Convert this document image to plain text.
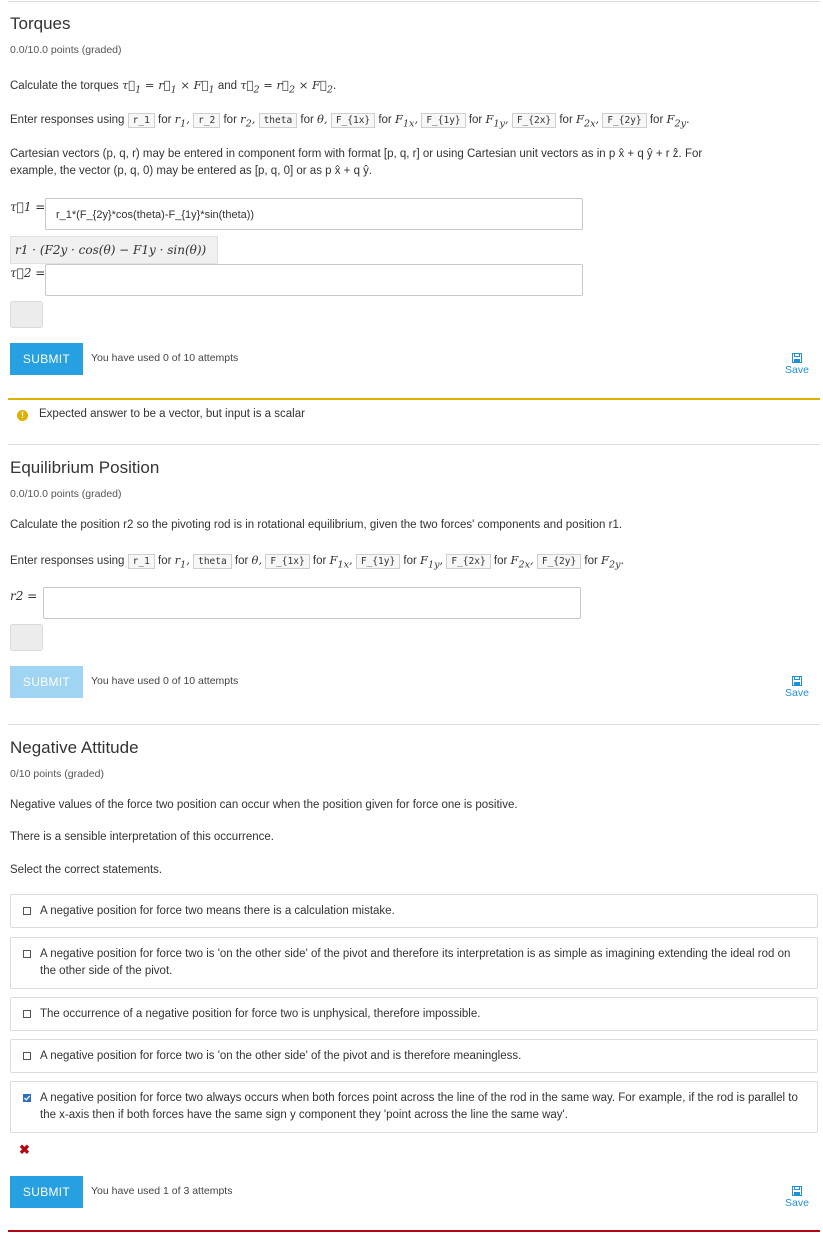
Torques
0.0/10.0 points (graded)
Calculate the torques $\tau⃗_1$ = $r⃗_1$ × $F⃗_1$ and $\tau⃗_2$ = $r⃗_2$ × $F⃗_2$.
Enter responses using r_1 for $r_1$, r_2 for $r_2$, theta for θ, F_{1x} for $F_{1x}$, F_{1y} for $F_{1y}$, F_{2x} for $F_{2x}$, F_{2y} for $F_{2y}$.
Cartesian vectors (p, q, r) may be entered in component form with format [p, q, r] or using Cartesian unit vectors as in p x̂ + q ŷ + r ẑ. For
example, the vector (p, q, 0) may be entered as [p, q, 0] or as p x̂ + q ŷ.
τ⃗1 =
r_1*(F_{2y}*cos(theta)-F_{1y}*sin(theta))
r1 · (F2y · cos(θ) − F1y · sin(θ))
τ⃗2 =
SUBMIT	You have used 0 of 10 attempts
Save
!	Expected answer to be a vector, but input is a scalar
Equilibrium Position
0.0/10.0 points (graded)
Calculate the position r2 so the pivoting rod is in rotational equilibrium, given the two forces' components and position r1.
Enter responses using r_1 for $r_1$, theta for θ, F_{1x} for $F_{1x}$, F_{1y} for $F_{1y}$, F_{2x} for $F_{2x}$, F_{2y} for $F_{2y}$.
r2 =
SUBMIT	You have used 0 of 10 attempts
Save
Negative Attitude
0/10 points (graded)
Negative values of the force two position can occur when the position given for force one is positive.
There is a sensible interpretation of this occurrence.
Select the correct statements.
A negative position for force two means there is a calculation mistake.
A negative position for force two is 'on the other side' of the pivot and therefore its interpretation is as simple as imagining extending the ideal rod on the other side of the pivot.
The occurrence of a negative position for force two is unphysical, therefore impossible.
A negative position for force two is 'on the other side' of the pivot and is therefore meaningless.
A negative position for force two always occurs when both forces point across the line of the rod in the same way. For example, if the rod is parallel to the x-axis then if both forces have the same sign y component they 'point across the line the same way'.
✖
SUBMIT	You have used 1 of 3 attempts
Save
